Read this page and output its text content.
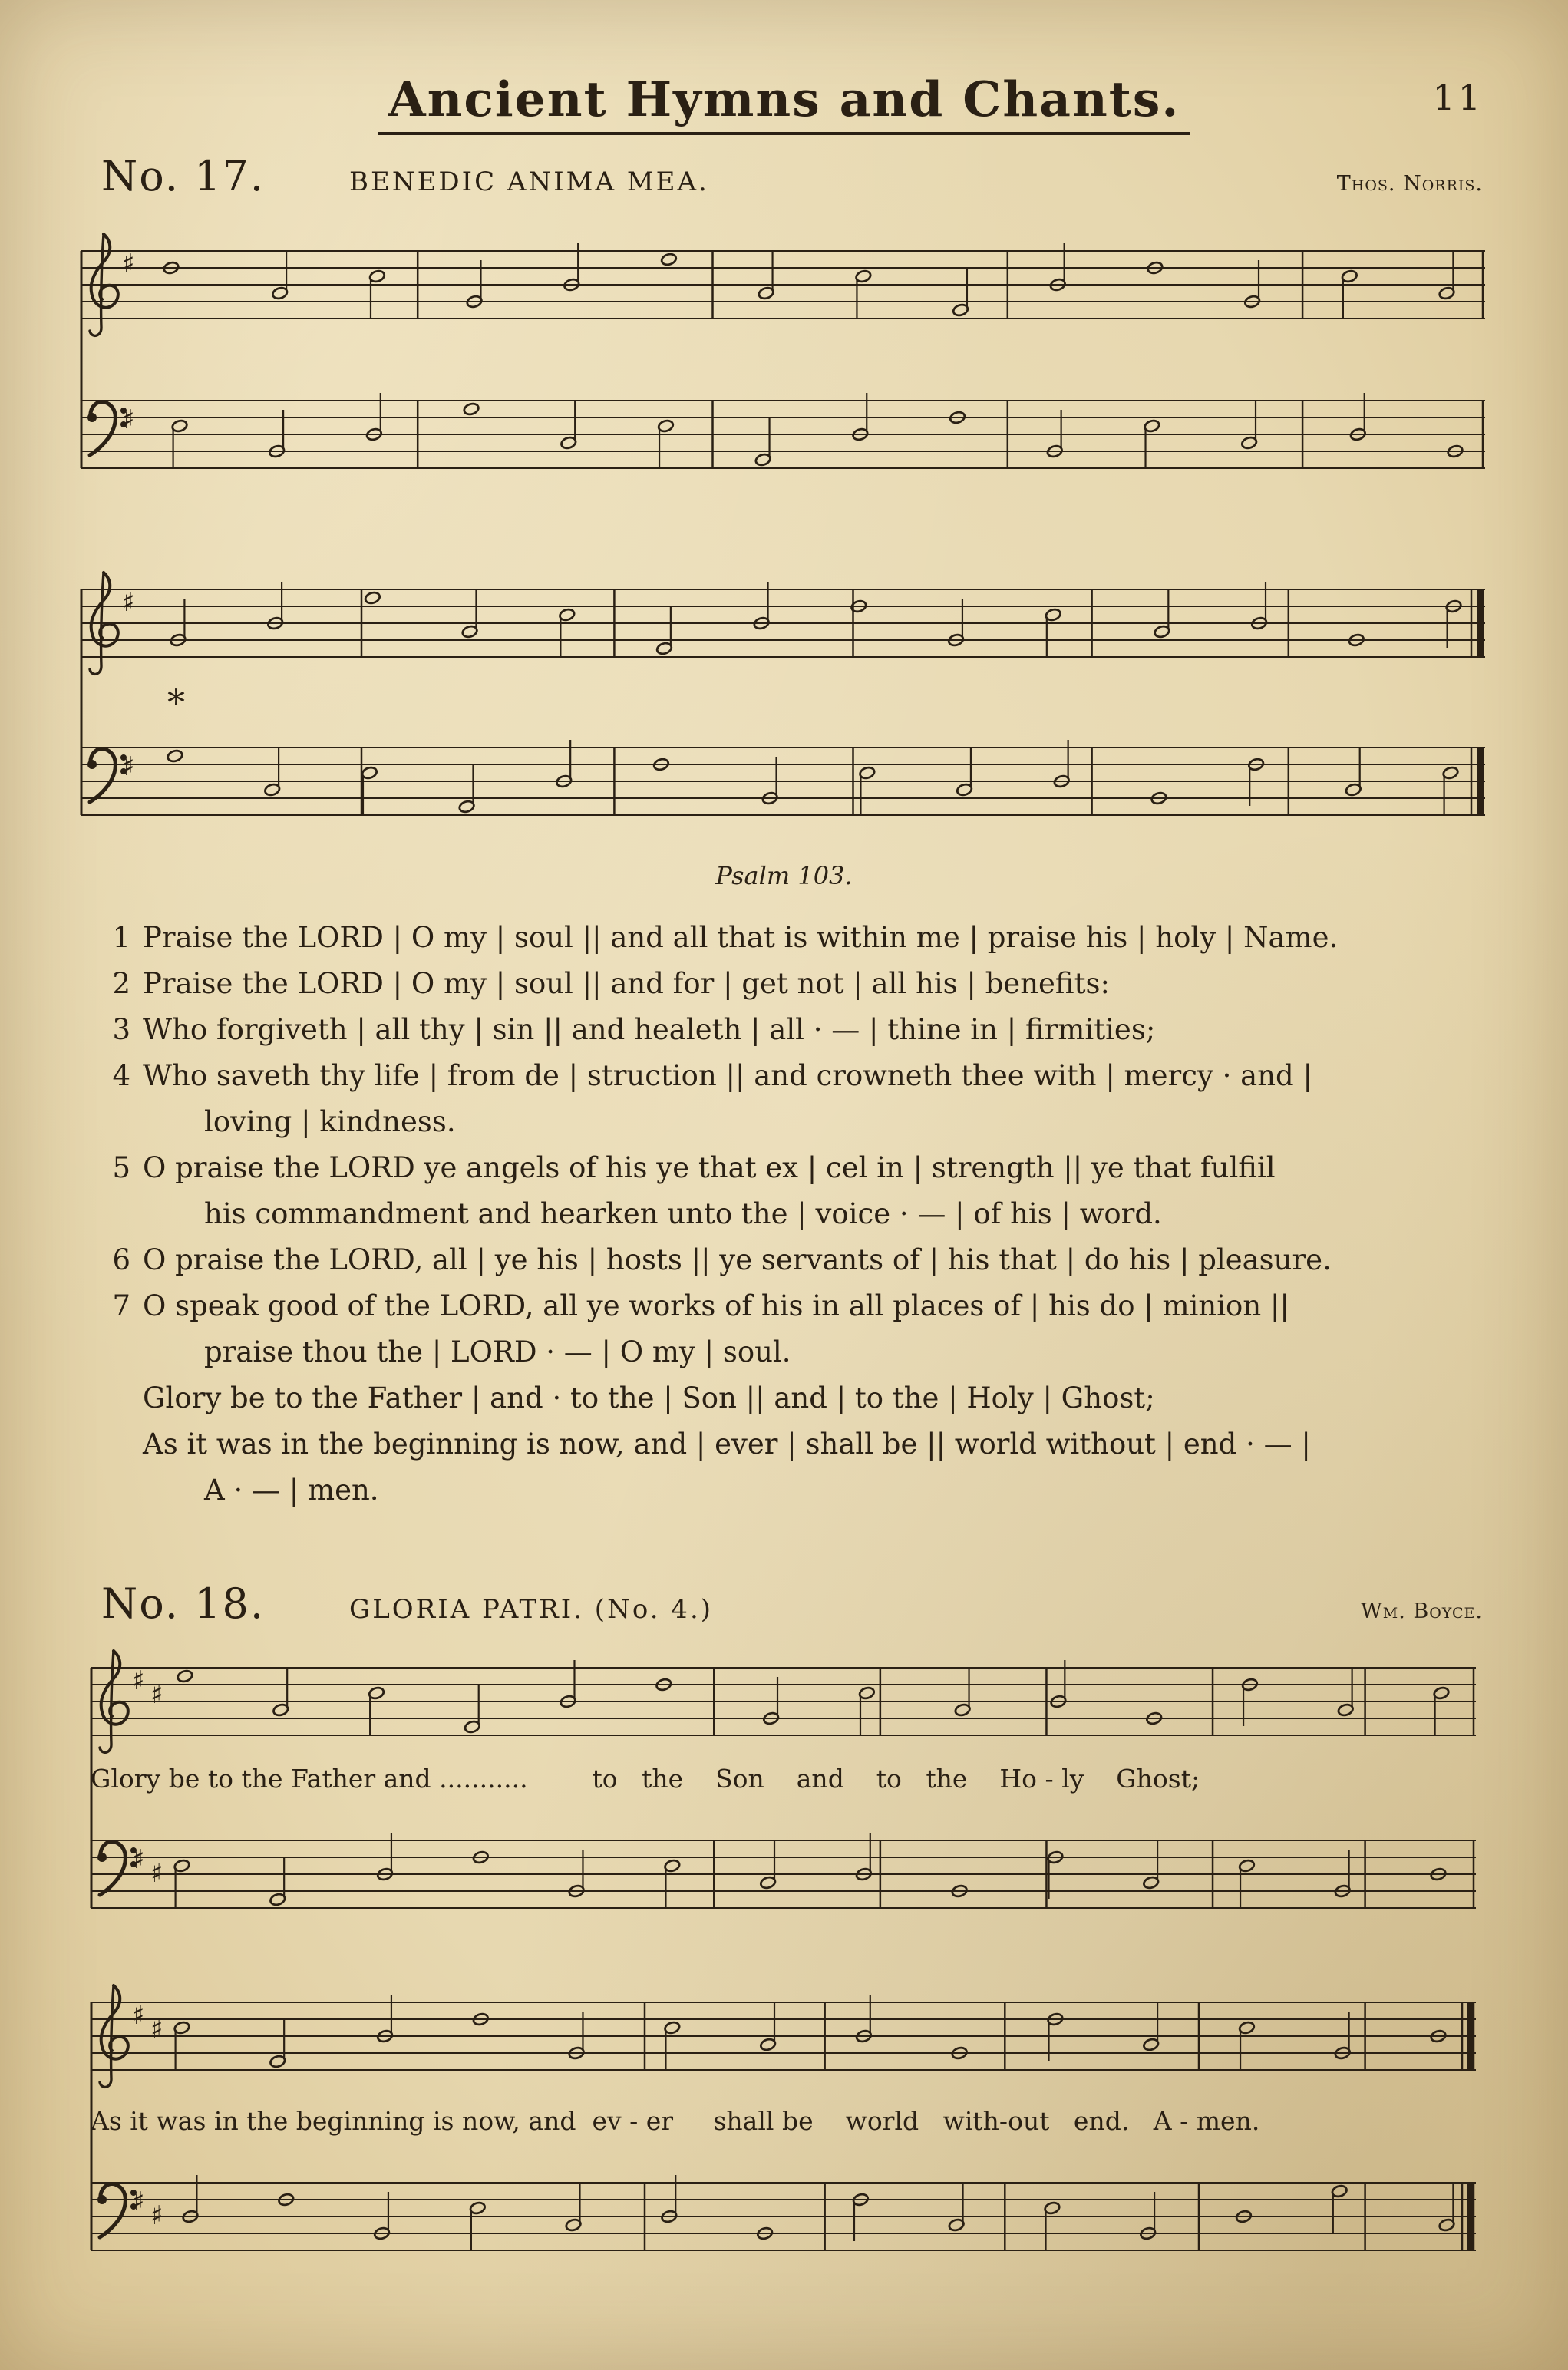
Ancient Hymns and Chants.	11
No. 17.	BENEDIC ANIMA MEA.	Thos. Norris.
♯
♯
♯
♯
*
Psalm 103.
1 Praise the LORD | O my | soul || and all that is within me | praise his | holy | Name.
2 Praise the LORD | O my | soul || and for | get not | all his | benefits:
3 Who forgiveth | all thy | sin || and healeth | all · — | thine in | firmities;
4 Who saveth thy life | from de | struction || and crowneth thee with | mercy · and |
loving | kindness.
5 O praise the LORD ye angels of his ye that ex | cel in | strength || ye that fulfiil
his commandment and hearken unto the | voice · — | of his | word.
6 O praise the LORD, all | ye his | hosts || ye servants of | his that | do his | pleasure.
7 O speak good of the LORD, all ye works of his in all places of | his do | minion ||
praise thou the | LORD · — | O my | soul.
Glory be to the Father | and · to the | Son || and | to the | Holy | Ghost;
As it was in the beginning is now, and | ever | shall be || world without | end · — |
A · — | men.
No. 18.	GLORIA PATRI. (No. 4.)	Wm. Boyce.
♯
♯
♯
♯
Glory be to the Father and ...........        to   the    Son    and    to   the    Ho - ly    Ghost;
♯
♯
♯
♯
As it was in the beginning is now, and  ev - er     shall be    world   with-out   end.   A - men.
